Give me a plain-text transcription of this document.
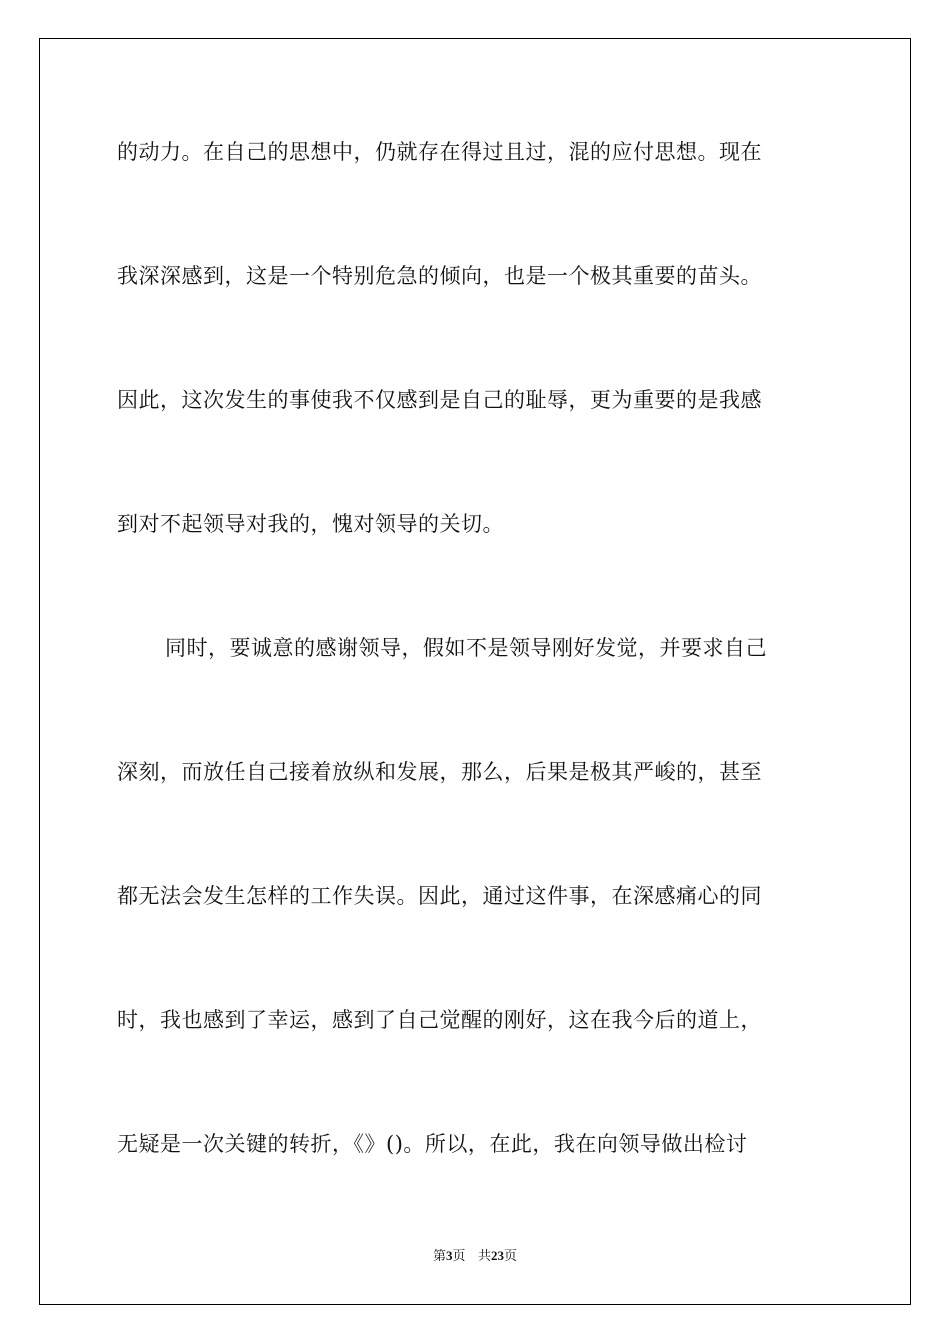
的动力。在自己的思想中，仍就存在得过且过，混的应付思想。现在
我深深感到，这是一个特别危急的倾向，也是一个极其重要的苗头。
因此，这次发生的事使我不仅感到是自己的耻辱，更为重要的是我感
到对不起领导对我的，愧对领导的关切。
同时，要诚意的感谢领导，假如不是领导刚好发觉，并要求自己
深刻，而放任自己接着放纵和发展，那么，后果是极其严峻的，甚至
都无法会发生怎样的工作失误。因此，通过这件事，在深感痛心的同
时，我也感到了幸运，感到了自己觉醒的刚好，这在我今后的道上，
无疑是一次关键的转折，《》()。所以，在此，我在向领导做出检讨
第3页 共23页
